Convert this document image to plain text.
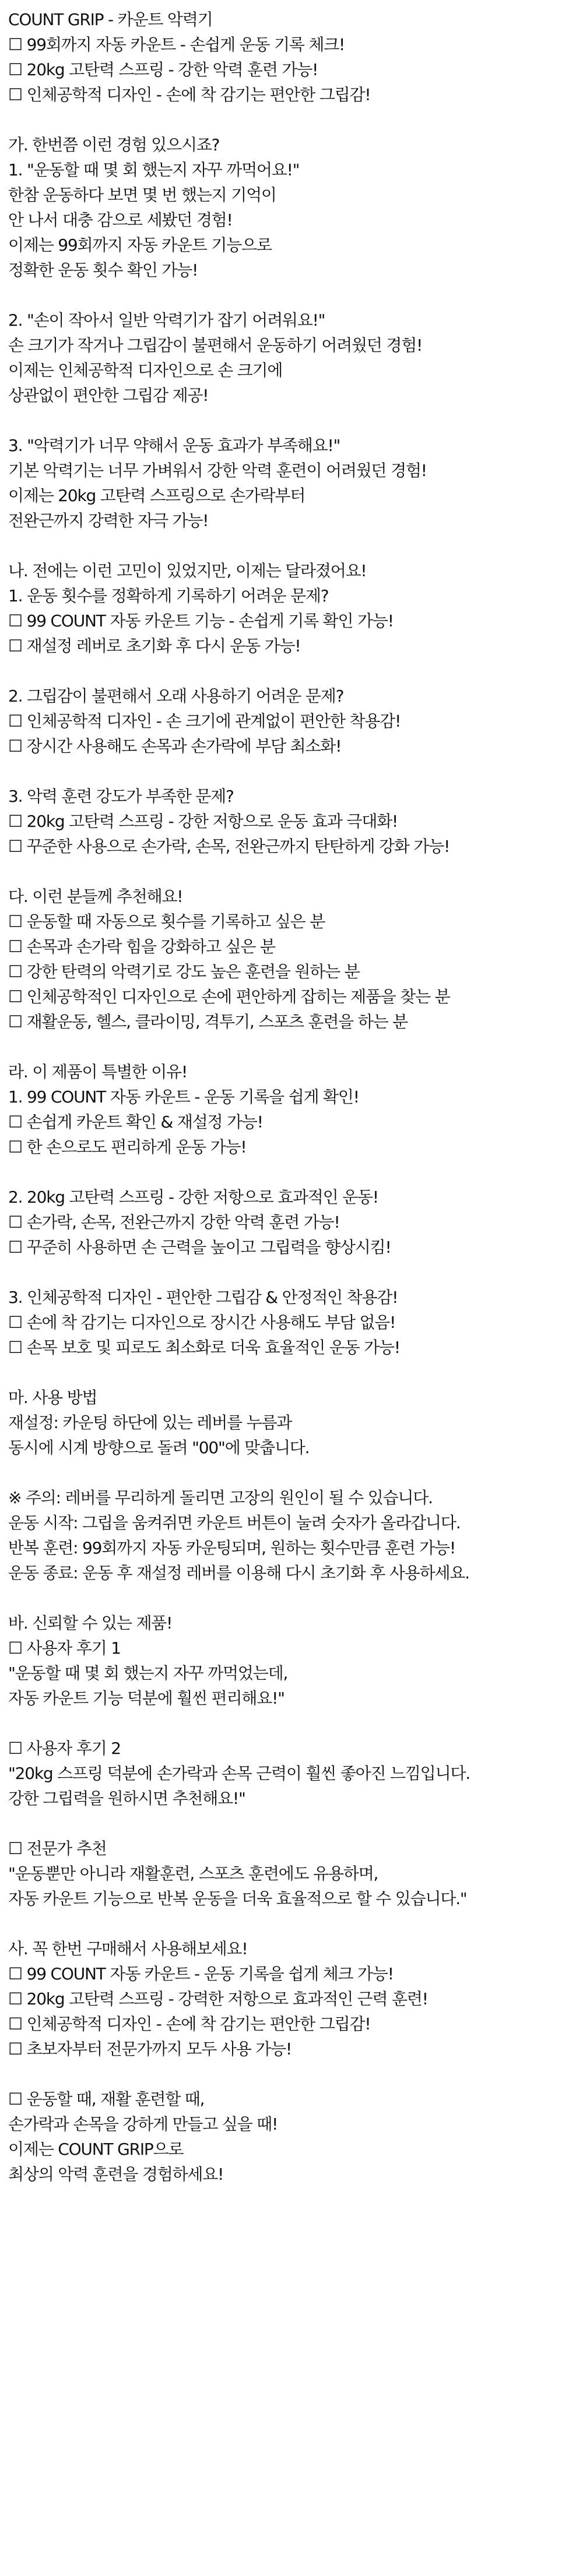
COUNT GRIP - 카운트 악력기
☐ 99회까지 자동 카운트 - 손쉽게 운동 기록 체크!
☐ 20kg 고탄력 스프링 - 강한 악력 훈련 가능!
☐ 인체공학적 디자인 - 손에 착 감기는 편안한 그립감!
가. 한번쯤 이런 경험 있으시죠?
1. "운동할 때 몇 회 했는지 자꾸 까먹어요!"
한참 운동하다 보면 몇 번 했는지 기억이
안 나서 대충 감으로 세봤던 경험!
이제는 99회까지 자동 카운트 기능으로
정확한 운동 횟수 확인 가능!
2. "손이 작아서 일반 악력기가 잡기 어려워요!"
손 크기가 작거나 그립감이 불편해서 운동하기 어려웠던 경험!
이제는 인체공학적 디자인으로 손 크기에
상관없이 편안한 그립감 제공!
3. "악력기가 너무 약해서 운동 효과가 부족해요!"
기본 악력기는 너무 가벼워서 강한 악력 훈련이 어려웠던 경험!
이제는 20kg 고탄력 스프링으로 손가락부터
전완근까지 강력한 자극 가능!
나. 전에는 이런 고민이 있었지만, 이제는 달라졌어요!
1. 운동 횟수를 정확하게 기록하기 어려운 문제?
☐ 99 COUNT 자동 카운트 기능 - 손쉽게 기록 확인 가능!
☐ 재설정 레버로 초기화 후 다시 운동 가능!
2. 그립감이 불편해서 오래 사용하기 어려운 문제?
☐ 인체공학적 디자인 - 손 크기에 관계없이 편안한 착용감!
☐ 장시간 사용해도 손목과 손가락에 부담 최소화!
3. 악력 훈련 강도가 부족한 문제?
☐ 20kg 고탄력 스프링 - 강한 저항으로 운동 효과 극대화!
☐ 꾸준한 사용으로 손가락, 손목, 전완근까지 탄탄하게 강화 가능!
다. 이런 분들께 추천해요!
☐ 운동할 때 자동으로 횟수를 기록하고 싶은 분
☐ 손목과 손가락 힘을 강화하고 싶은 분
☐ 강한 탄력의 악력기로 강도 높은 훈련을 원하는 분
☐ 인체공학적인 디자인으로 손에 편안하게 잡히는 제품을 찾는 분
☐ 재활운동, 헬스, 클라이밍, 격투기, 스포츠 훈련을 하는 분
라. 이 제품이 특별한 이유!
1. 99 COUNT 자동 카운트 - 운동 기록을 쉽게 확인!
☐ 손쉽게 카운트 확인 & 재설정 가능!
☐ 한 손으로도 편리하게 운동 가능!
2. 20kg 고탄력 스프링 - 강한 저항으로 효과적인 운동!
☐ 손가락, 손목, 전완근까지 강한 악력 훈련 가능!
☐ 꾸준히 사용하면 손 근력을 높이고 그립력을 향상시킴!
3. 인체공학적 디자인 - 편안한 그립감 & 안정적인 착용감!
☐ 손에 착 감기는 디자인으로 장시간 사용해도 부담 없음!
☐ 손목 보호 및 피로도 최소화로 더욱 효율적인 운동 가능!
마. 사용 방법
재설정: 카운팅 하단에 있는 레버를 누름과
동시에 시계 방향으로 돌려 "00"에 맞춥니다.
※ 주의: 레버를 무리하게 돌리면 고장의 원인이 될 수 있습니다.
운동 시작: 그립을 움켜쥐면 카운트 버튼이 눌려 숫자가 올라갑니다.
반복 훈련: 99회까지 자동 카운팅되며, 원하는 횟수만큼 훈련 가능!
운동 종료: 운동 후 재설정 레버를 이용해 다시 초기화 후 사용하세요.
바. 신뢰할 수 있는 제품!
☐ 사용자 후기 1
"운동할 때 몇 회 했는지 자꾸 까먹었는데,
자동 카운트 기능 덕분에 훨씬 편리해요!"
☐ 사용자 후기 2
"20kg 스프링 덕분에 손가락과 손목 근력이 훨씬 좋아진 느낌입니다.
강한 그립력을 원하시면 추천해요!"
☐ 전문가 추천
"운동뿐만 아니라 재활훈련, 스포츠 훈련에도 유용하며,
자동 카운트 기능으로 반복 운동을 더욱 효율적으로 할 수 있습니다."
사. 꼭 한번 구매해서 사용해보세요!
☐ 99 COUNT 자동 카운트 - 운동 기록을 쉽게 체크 가능!
☐ 20kg 고탄력 스프링 - 강력한 저항으로 효과적인 근력 훈련!
☐ 인체공학적 디자인 - 손에 착 감기는 편안한 그립감!
☐ 초보자부터 전문가까지 모두 사용 가능!
☐ 운동할 때, 재활 훈련할 때,
손가락과 손목을 강하게 만들고 싶을 때!
이제는 COUNT GRIP으로
최상의 악력 훈련을 경험하세요!
